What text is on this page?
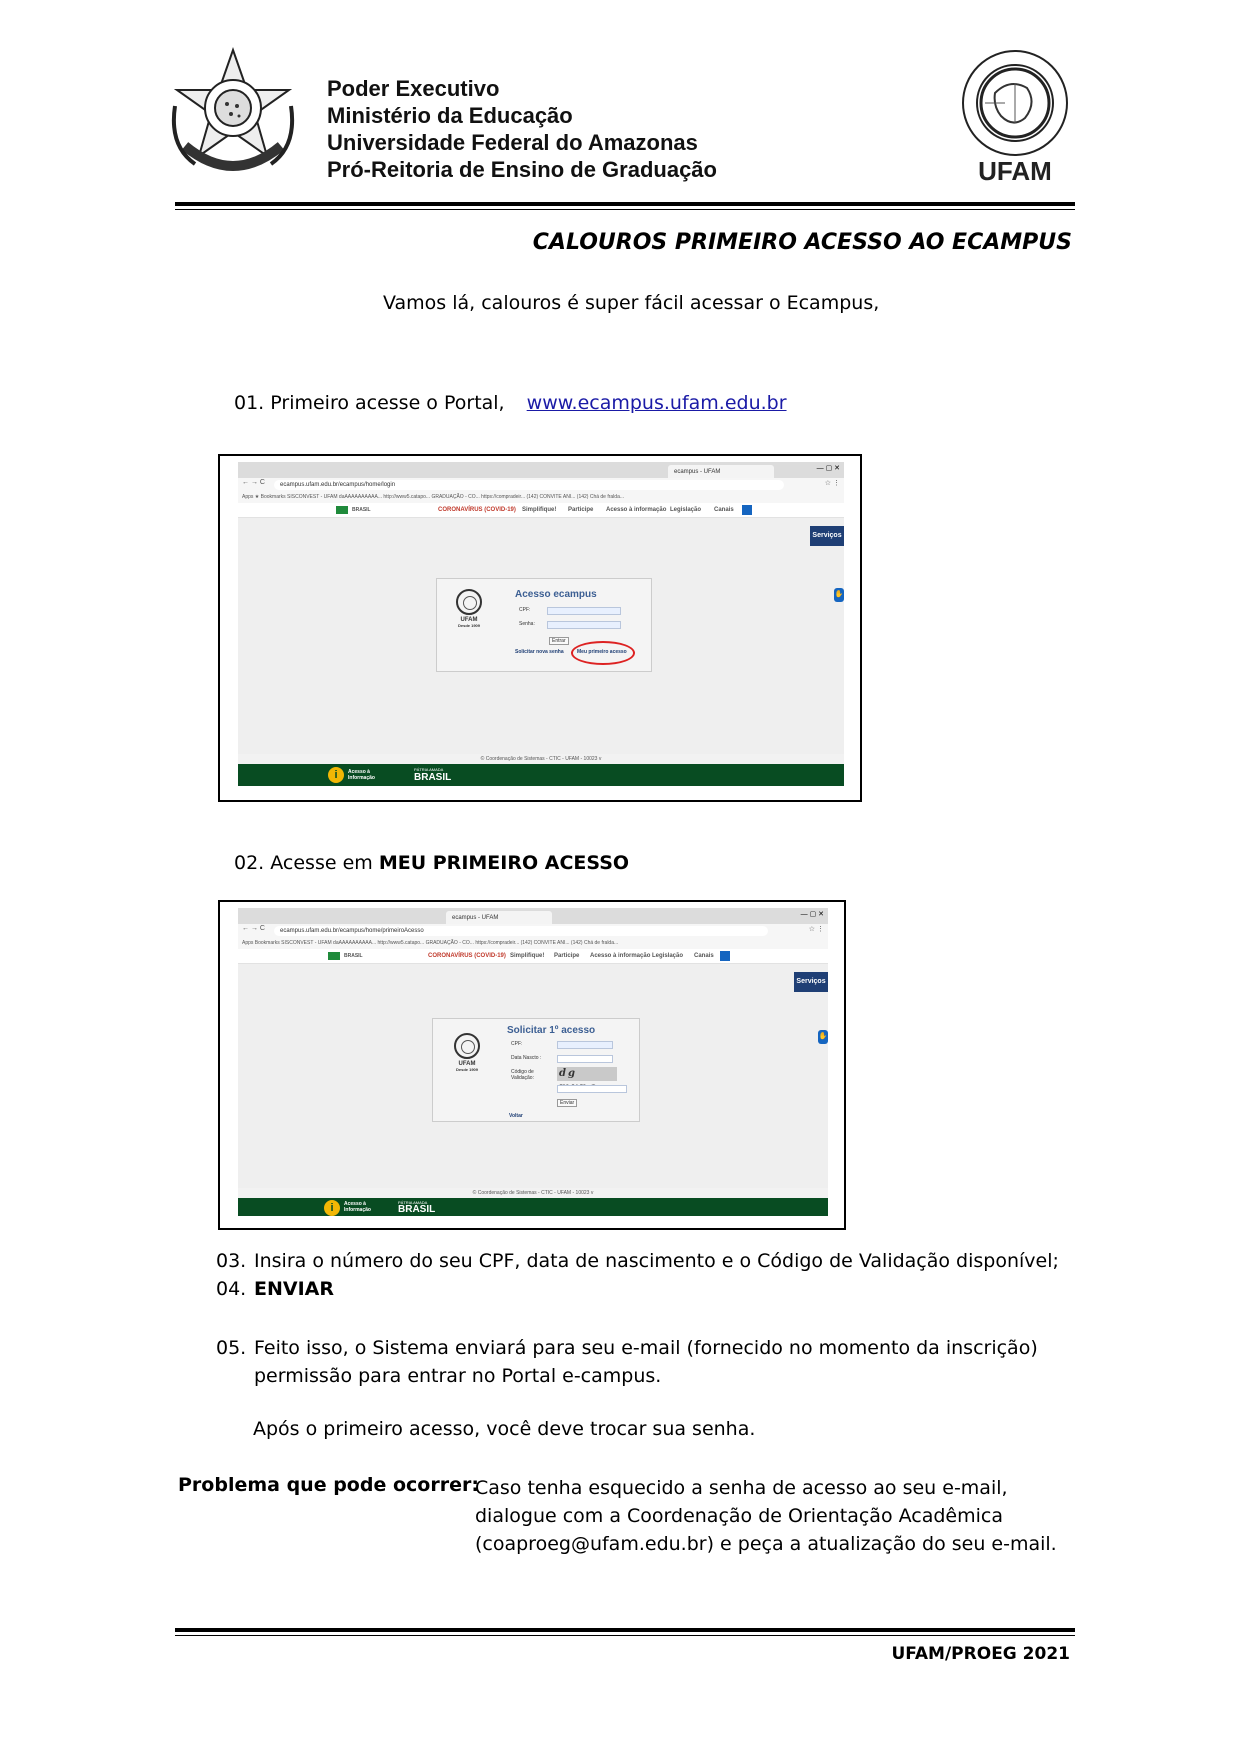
Poder Executivo
Ministério da Educação
Universidade Federal do Amazonas
Pró-Reitoria de Ensino de Graduação	UFAM
CALOUROS PRIMEIRO ACESSO AO ECAMPUS
Vamos lá, calouros é super fácil acessar o Ecampus,
01. Primeiro acesse o Portal, www.ecampus.ufam.edu.br
ecampus - UFAM	— ▢ ✕
← → C	ecampus.ufam.edu.br/ecampus/home/login	☆ ⋮
Apps ★ Bookmarks SISCONVEST - UFAM daAAAAAAAAAA... http://www5.catapo... GRADUAÇÃO - CO... https://compradeir... (142) CONVITE ANI... (142) Chá de fralda...
BRASIL	CORONAVÍRUS (COVID-19) Simplifique! Participe Acesso à informação Legislação Canais
Serviços
✋
UFAM
Desde 1909
Acesso ecampus
CPF:
Senha:
Entrar
Solicitar nova senha	Meu primeiro acesso
© Coordenação de Sistemas - CTIC - UFAM - 10023 v
i	Acesso à Informação
PÁTRIA AMADA
BRASIL
02. Acesse em MEU PRIMEIRO ACESSO
ecampus - UFAM	— ▢ ✕
← → C	ecampus.ufam.edu.br/ecampus/home/primeiroAcesso	☆ ⋮
Apps Bookmarks SISCONVEST - UFAM daAAAAAAAAAA... http://www5.catapo... GRADUAÇÃO - CO... https://compradeir... (142) CONVITE ANI... (142) Chá de fralda...
BRASIL	CORONAVÍRUS (COVID-19) Simplifique! Participe Acesso à informação Legislação Canais
Serviços
✋
UFAM
Desde 1909
Solicitar 1º acesso
CPF:
Data Nascto :
Código de Validação:	dg
Enviar
Voltar
© Coordenação de Sistemas - CTIC - UFAM - 10023 v
i	Acesso à Informação
PÁTRIA AMADA
BRASIL
03. Insira o número do seu CPF, data de nascimento e o Código de Validação disponível;
04. ENVIAR
05. Feito isso, o Sistema enviará para seu e-mail (fornecido no momento da inscrição)
permissão para entrar no Portal e-campus.
Após o primeiro acesso, você deve trocar sua senha.
Problema que pode ocorrer:
Caso tenha esquecido a senha de acesso ao seu e-mail,
dialogue com a Coordenação de Orientação Acadêmica
(coaproeg@ufam.edu.br) e peça a atualização do seu e-mail.
UFAM/PROEG 2021
